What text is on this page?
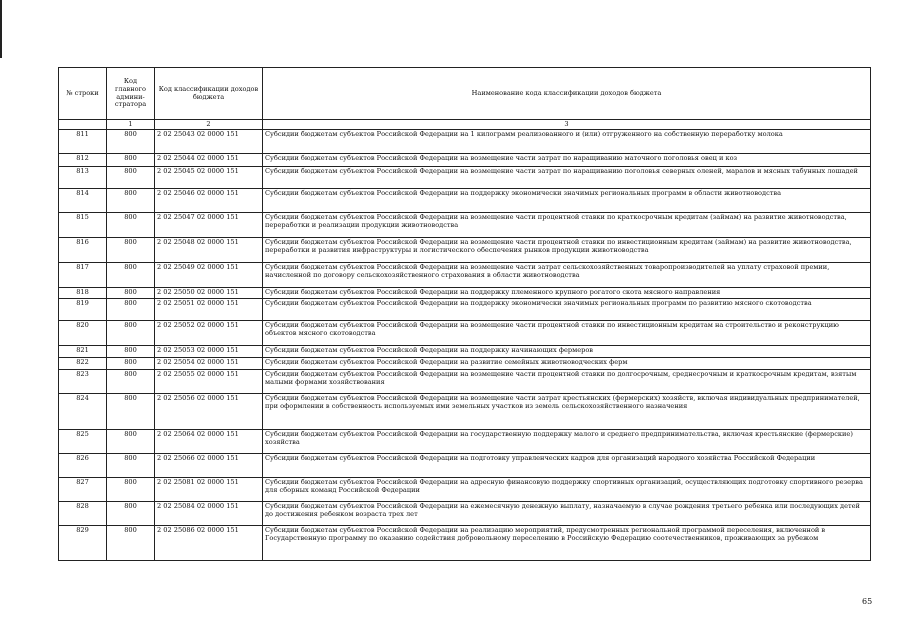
№ строки	Код главного админи-стратора	Код классификации доходов бюджета	Наименование кода классификации доходов бюджета
	1	2	3
811	800	2 02 25043 02 0000 151	Субсидии бюджетам субъектов Российской Федерации на 1 килограмм реализованного и (или) отгруженного на собственную переработку молока
812	800	2 02 25044 02 0000 151	Субсидии бюджетам субъектов Российской Федерации на возмещение части затрат по наращиванию маточного поголовья овец и коз
813	800	2 02 25045 02 0000 151	Субсидии бюджетам субъектов Российской Федерации на возмещение части затрат по наращиванию поголовья северных оленей, маралов и мясных табунных лошадей
814	800	2 02 25046 02 0000 151	Субсидии бюджетам субъектов Российской Федерации на поддержку экономически значимых региональных программ в области животноводства
815	800	2 02 25047 02 0000 151	Субсидии бюджетам субъектов Российской Федерации на возмещение части процентной ставки по краткосрочным кредитам (займам) на развитие животноводства, переработки и реализации продукции животноводства
816	800	2 02 25048 02 0000 151	Субсидии бюджетам субъектов Российской Федерации на возмещение части процентной ставки по инвестиционным кредитам (займам) на развитие животноводства, переработки и развития инфраструктуры и логистического обеспечения рынков продукции животноводства
817	800	2 02 25049 02 0000 151	Субсидии бюджетам субъектов Российской Федерации на возмещение части затрат сельскохозяйственных товаропроизводителей на уплату страховой премии, начисленной по договору сельскохозяйственного страхования в области животноводства
818	800	2 02 25050 02 0000 151	Субсидии бюджетам субъектов Российской Федерации на поддержку племенного крупного рогатого скота мясного направления
819	800	2 02 25051 02 0000 151	Субсидии бюджетам субъектов Российской Федерации на поддержку экономически значимых региональных программ по развитию мясного скотоводства
820	800	2 02 25052 02 0000 151	Субсидии бюджетам субъектов Российской Федерации на возмещение части процентной ставки по инвестиционным кредитам на строительство и реконструкцию объектов мясного скотоводства
821	800	2 02 25053 02 0000 151	Субсидии бюджетам субъектов Российской Федерации на поддержку начинающих фермеров
822	800	2 02 25054 02 0000 151	Субсидии бюджетам субъектов Российской Федерации на развитие семейных животноводческих ферм
823	800	2 02 25055 02 0000 151	Субсидии бюджетам субъектов Российской Федерации на возмещение части процентной ставки по долгосрочным, среднесрочным и краткосрочным кредитам, взятым малыми формами хозяйствования
824	800	2 02 25056 02 0000 151	Субсидии бюджетам субъектов Российской Федерации на возмещение части затрат крестьянских (фермерских) хозяйств, включая индивидуальных предпринимателей, при оформлении в собственность используемых ими земельных участков из земель сельскохозяйственного назначения
825	800	2 02 25064 02 0000 151	Субсидии бюджетам субъектов Российской Федерации на государственную поддержку малого и среднего предпринимательства, включая крестьянские (фермерские) хозяйства
826	800	2 02 25066 02 0000 151	Субсидии бюджетам субъектов Российской Федерации на подготовку управленческих кадров для организаций народного хозяйства Российской Федерации
827	800	2 02 25081 02 0000 151	Субсидии бюджетам субъектов Российской Федерации на адресную финансовую поддержку спортивных организаций, осуществляющих подготовку спортивного резерва для сборных команд Российской Федерации
828	800	2 02 25084 02 0000 151	Субсидии бюджетам субъектов Российской Федерации на ежемесячную денежную выплату, назначаемую в случае рождения третьего ребенка или последующих детей до достижения ребенком возраста трех лет
829	800	2 02 25086 02 0000 151	Субсидии бюджетам субъектов Российской Федерации на реализацию мероприятий, предусмотренных региональной программой переселения, включенной в Государственную программу по оказанию содействия добровольному переселению в Российскую Федерацию соотечественников, проживающих за рубежом
65
